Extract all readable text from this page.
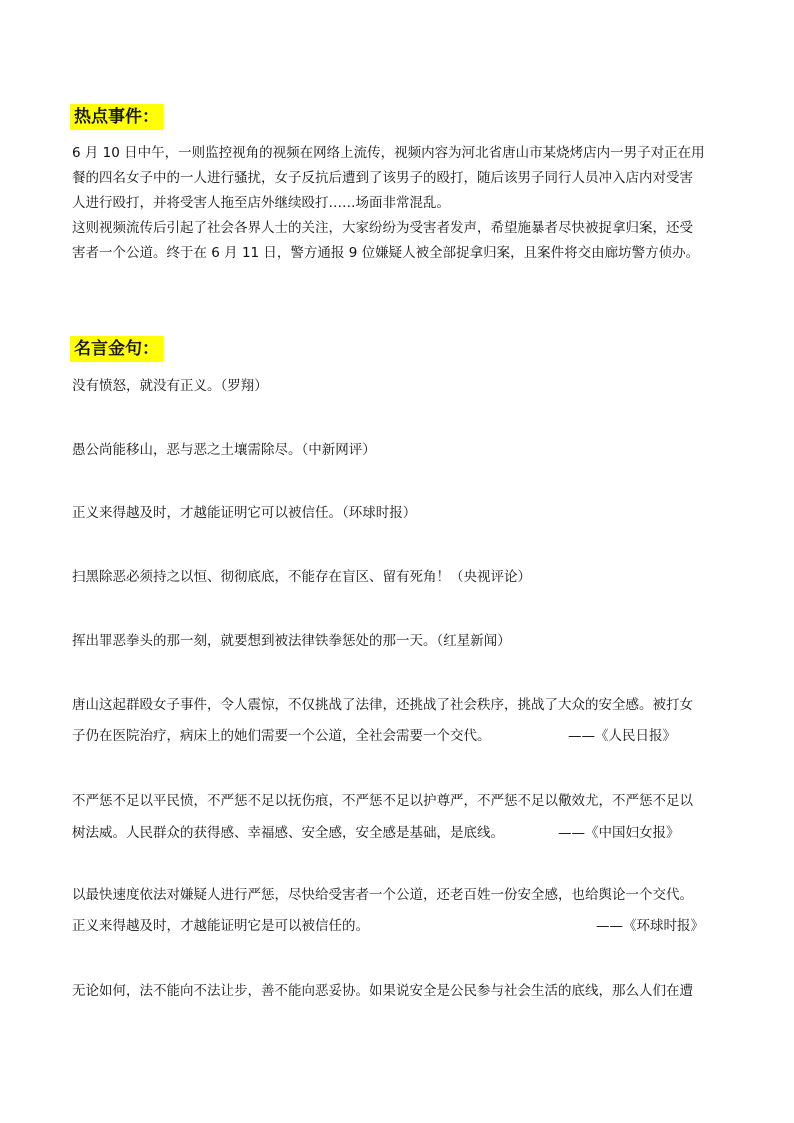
热点事件：
6 月 10 日中午，一则监控视角的视频在网络上流传，视频内容为河北省唐山市某烧烤店内一男子对正在用
餐的四名女子中的一人进行骚扰，女子反抗后遭到了该男子的殴打，随后该男子同行人员冲入店内对受害
人进行殴打，并将受害人拖至店外继续殴打……场面非常混乱。
这则视频流传后引起了社会各界人士的关注，大家纷纷为受害者发声，希望施暴者尽快被捉拿归案，还受
害者一个公道。终于在 6 月 11 日，警方通报 9 位嫌疑人被全部捉拿归案，且案件将交由廊坊警方侦办。
名言金句：
没有愤怒，就没有正义。（罗翔）
愚公尚能移山，恶与恶之土壤需除尽。（中新网评）
正义来得越及时，才越能证明它可以被信任。（环球时报）
扫黑除恶必须持之以恒、彻彻底底，不能存在盲区、留有死角！（央视评论）
挥出罪恶拳头的那一刻，就要想到被法律铁拳惩处的那一天。（红星新闻）
唐山这起群殴女子事件，令人震惊，不仅挑战了法律，还挑战了社会秩序，挑战了大众的安全感。被打女
子仍在医院治疗，病床上的她们需要一个公道，全社会需要一个交代。	——《人民日报》
不严惩不足以平民愤，不严惩不足以抚伤痕，不严惩不足以护尊严，不严惩不足以儆效尤，不严惩不足以
树法威。人民群众的获得感、幸福感、安全感，安全感是基础，是底线。	——《中国妇女报》
以最快速度依法对嫌疑人进行严惩，尽快给受害者一个公道，还老百姓一份安全感，也给舆论一个交代。
正义来得越及时，才越能证明它是可以被信任的。	——《环球时报》
无论如何，法不能向不法让步，善不能向恶妥协。如果说安全是公民参与社会生活的底线，那么人们在遭
